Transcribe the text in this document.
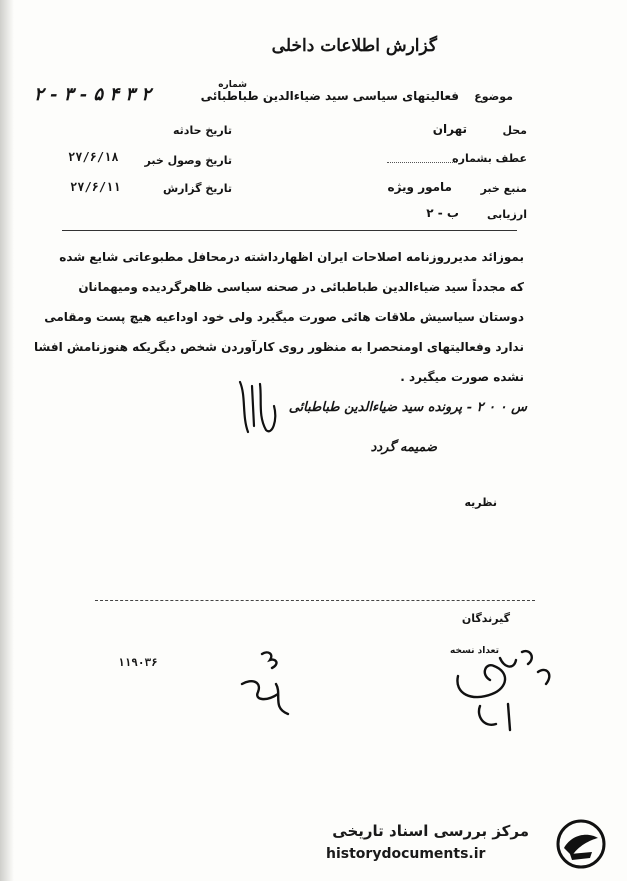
گزارش اطلاعات داخلی
۲ ۳ ۴ ۵ - ۳ - ۲	موضوع
فعالیتهای سیاسی سید ضیاءالدین طباطبائی
شماره
محل
تهران
تاریخ حادثه
عطف بشماره
تاریخ وصول خبر
۲۷/۶/۱۸
منبع خبر
مامور ویژه
تاریخ گزارش
۲۷/۶/۱۱
ارزیابی
ب - ۲
بموزائد مدیرروزنامه اصلاحات ایران اظهارداشته درمحافل مطبوعاتی شایع شده
که مجدداً سید ضیاءالدین طباطبائی در صحنه سیاسی ظاهرگردیده ومیهمانان
دوستان سیاسیش ملاقات هائی صورت میگیرد ولی خود اوداعیه هیچ پست ومقامی
ندارد وفعالیتهای اومنحصرا به منظور روی کارآوردن شخص دیگریکه هنوزنامش افشا
نشده صورت میگیرد .
س ۰ ۰ ۲ - پرونده سید ضیاءالدین طباطبائی
ضمیمه گردد
نظریه
گیرندگان
تعداد نسخه
۱۱۹۰۳۶
مرکز بررسی اسناد تاریخی
historydocuments.ir
